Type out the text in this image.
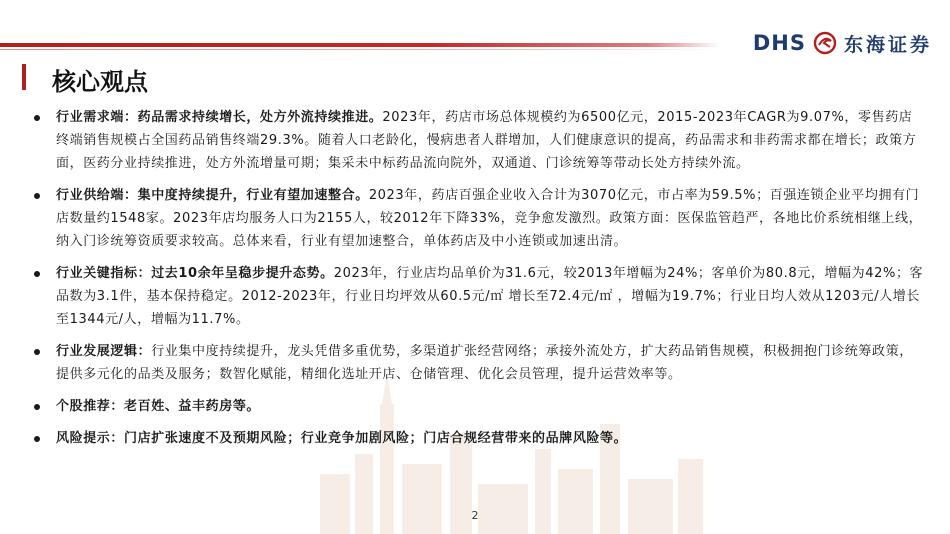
DHS 东海证券
核心观点
行业需求端：药品需求持续增长，处方外流持续推进。2023年，药店市场总体规模约为6500亿元，2015-2023年CAGR为9.07%，零售药店终端销售规模占全国药品销售终端29.3%。随着人口老龄化，慢病患者人群增加，人们健康意识的提高，药品需求和非药需求都在增长；政策方面，医药分业持续推进，处方外流增量可期；集采未中标药品流向院外，双通道、门诊统筹等带动长处方持续外流。
行业供给端：集中度持续提升，行业有望加速整合。2023年，药店百强企业收入合计为3070亿元，市占率为59.5%；百强连锁企业平均拥有门店数量约1548家。2023年店均服务人口为2155人，较2012年下降33%，竞争愈发激烈。政策方面：医保监管趋严，各地比价系统相继上线，纳入门诊统筹资质要求较高。总体来看，行业有望加速整合，单体药店及中小连锁或加速出清。
行业关键指标：过去10余年呈稳步提升态势。2023年，行业店均品单价为31.6元，较2013年增幅为24%；客单价为80.8元，增幅为42%；客品数为3.1件，基本保持稳定。2012-2023年，行业日均坪效从60.5元/㎡ 增长至72.4元/㎡ ，增幅为19.7%；行业日均人效从1203元/人增长至1344元/人，增幅为11.7%。
行业发展逻辑：行业集中度持续提升，龙头凭借多重优势，多渠道扩张经营网络；承接外流处方，扩大药品销售规模，积极拥抱门诊统筹政策，提供多元化的品类及服务；数智化赋能，精细化选址开店、仓储管理、优化会员管理，提升运营效率等。
个股推荐：老百姓、益丰药房等。
风险提示：门店扩张速度不及预期风险；行业竞争加剧风险；门店合规经营带来的品牌风险等。
2
